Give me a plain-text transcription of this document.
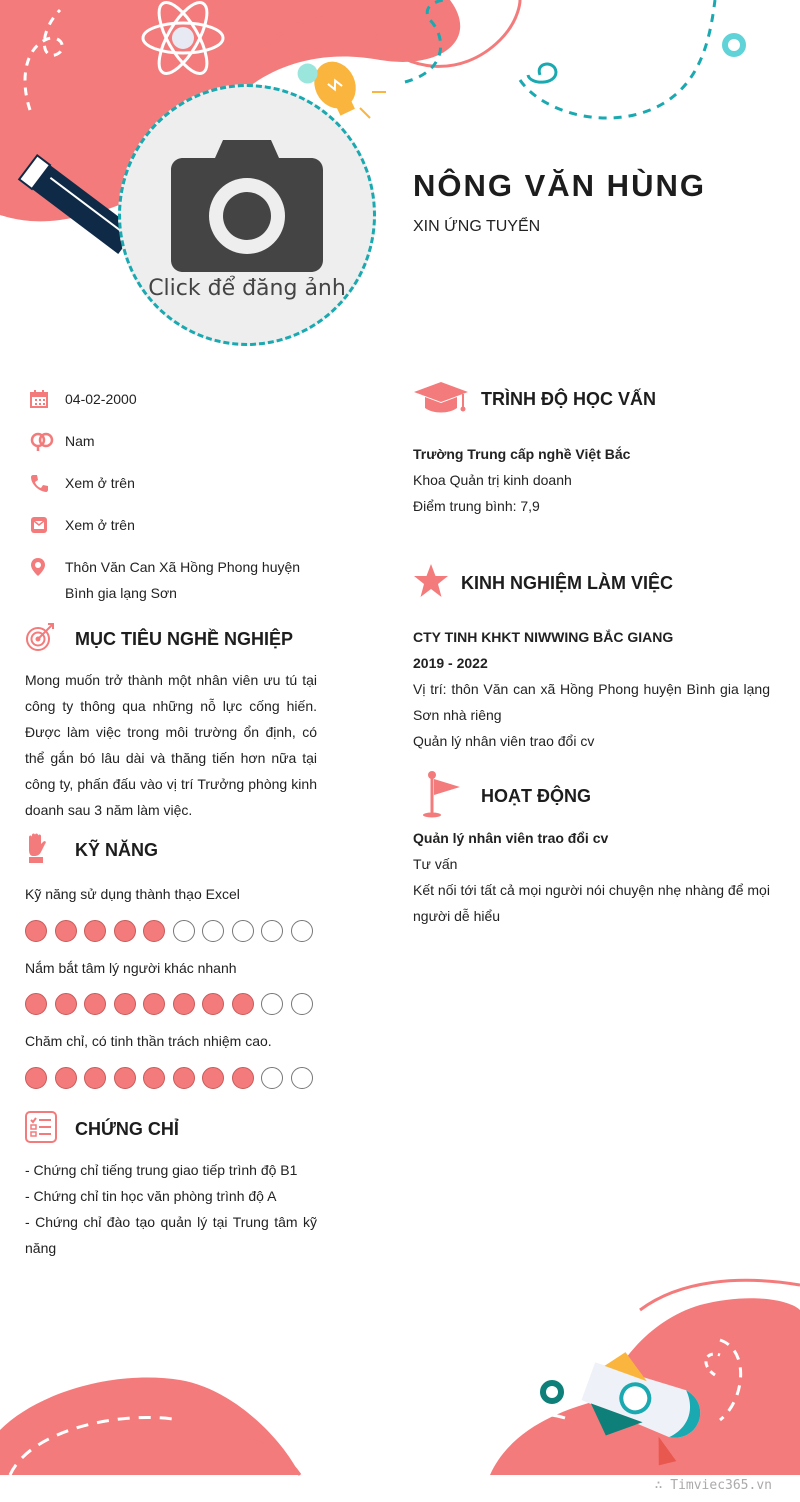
Click để đăng ảnh
NÔNG VĂN HÙNG
XIN ỨNG TUYỂN
04-02-2000
Nam
Xem ở trên
Xem ở trên
Thôn Văn Can Xã Hồng Phong huyện Bình gia lạng Sơn
MỤC TIÊU NGHỀ NGHIỆP
Mong muốn trở thành một nhân viên ưu tú tại công ty thông qua những nỗ lực cống hiến. Được làm việc trong môi trường ổn định, có thể gắn bó lâu dài và thăng tiến hơn nữa tại công ty, phấn đấu vào vị trí Trưởng phòng kinh doanh sau 3 năm làm việc.
KỸ NĂNG
Kỹ năng sử dụng thành thạo Excel
Nắm bắt tâm lý người khác nhanh
Chăm chỉ, có tinh thần trách nhiệm cao.
CHỨNG CHỈ
- Chứng chỉ tiếng trung giao tiếp trình độ B1
- Chứng chỉ tin học văn phòng trình độ A
- Chứng chỉ đào tạo quản lý tại Trung tâm kỹ năng
TRÌNH ĐỘ HỌC VẤN
Trường Trung cấp nghề Việt Bắc
Khoa Quản trị kinh doanh
Điểm trung bình: 7,9
KINH NGHIỆM LÀM VIỆC
CTY TINH KHKT NIWWING BẮC GIANG
2019 - 2022
Vị trí: thôn Văn can xã Hồng Phong huyện Bình gia lạng Sơn nhà riêng
Quản lý nhân viên trao đổi cv
HOẠT ĐỘNG
Quản lý nhân viên trao đổi cv
Tư vấn
Kết nối tới tất cả mọi người nói chuyện nhẹ nhàng để mọi người dễ hiểu
∴ Timviec365.vn
